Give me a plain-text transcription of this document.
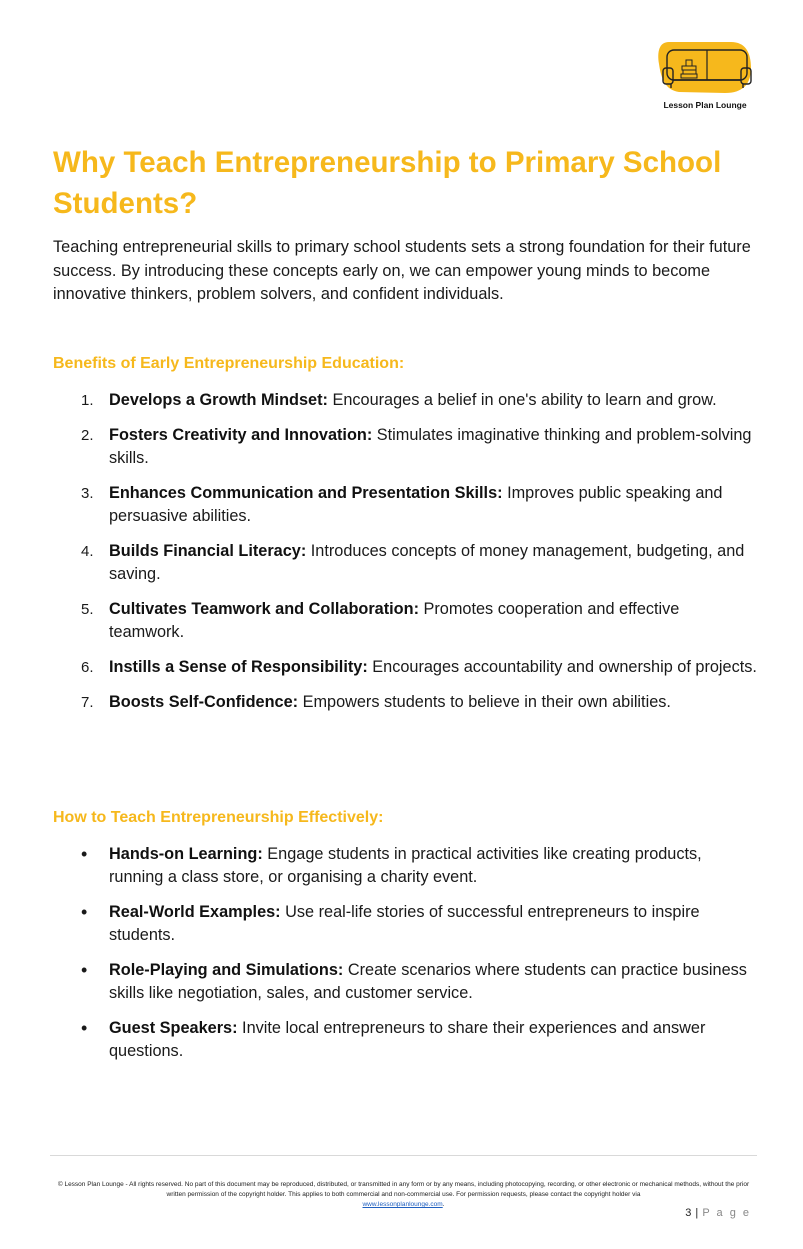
Lesson Plan Lounge
Why Teach Entrepreneurship to Primary School Students?

Teaching entrepreneurial skills to primary school students sets a strong foundation for their future success. By introducing these concepts early on, we can empower young minds to become innovative thinkers, problem solvers, and confident individuals.

Benefits of Early Entrepreneurship Education:
1. Develops a Growth Mindset: Encourages a belief in one's ability to learn and grow.
2. Fosters Creativity and Innovation: Stimulates imaginative thinking and problem-solving skills.
3. Enhances Communication and Presentation Skills: Improves public speaking and persuasive abilities.
4. Builds Financial Literacy: Introduces concepts of money management, budgeting, and saving.
5. Cultivates Teamwork and Collaboration: Promotes cooperation and effective teamwork.
6. Instills a Sense of Responsibility: Encourages accountability and ownership of projects.
7. Boosts Self-Confidence: Empowers students to believe in their own abilities.
How to Teach Entrepreneurship Effectively:
• Hands-on Learning: Engage students in practical activities like creating products, running a class store, or organising a charity event.
• Real-World Examples: Use real-life stories of successful entrepreneurs to inspire students.
• Role-Playing and Simulations: Create scenarios where students can practice business skills like negotiation, sales, and customer service.
• Guest Speakers: Invite local entrepreneurs to share their experiences and answer questions.

© Lesson Plan Lounge - All rights reserved. No part of this document may be reproduced, distributed, or transmitted in any form or by any means, including photocopying, recording, or other electronic or mechanical methods, without the prior written permission of the copyright holder. This applies to both commercial and non-commercial use. For permission requests, please contact the copyright holder via
www.lessonplanlounge.com.

3 | P a g e
